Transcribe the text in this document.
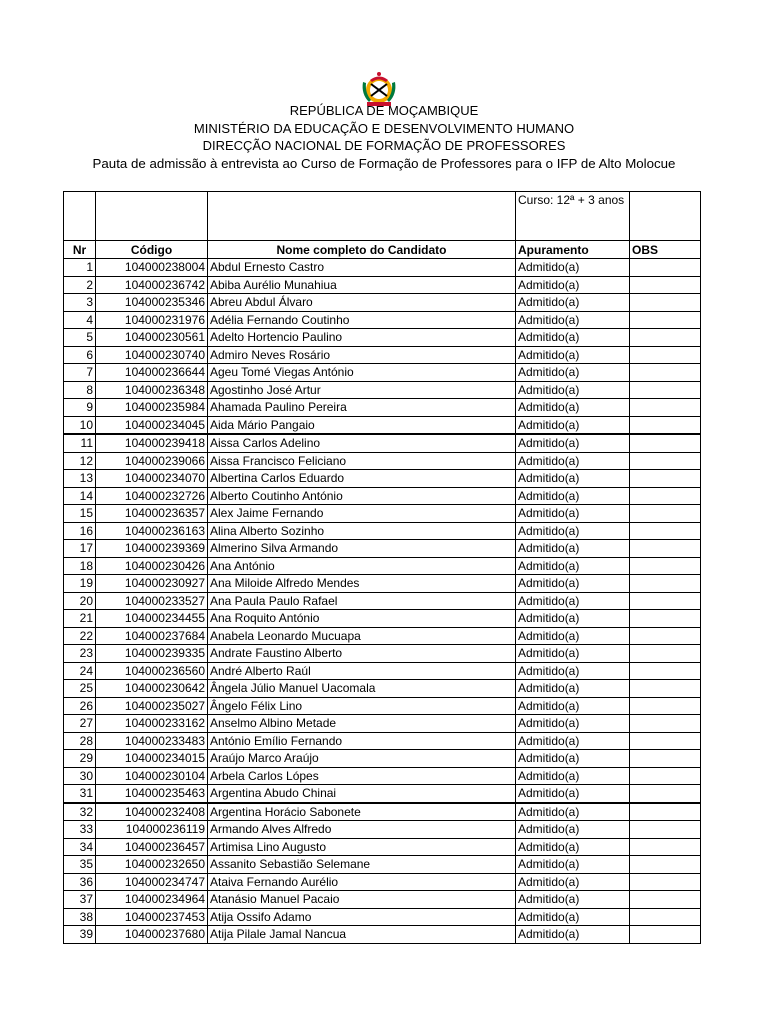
REPÚBLICA DE MOÇAMBIQUE
MINISTÉRIO DA EDUCAÇÃO E DESENVOLVIMENTO HUMANO
DIRECÇÃO NACIONAL DE FORMAÇÃO DE PROFESSORES
Pauta de admissão à entrevista ao Curso de Formação de Professores para o IFP de Alto Molocue
			Curso: 12ª + 3 anos	
Nr	Código	Nome completo do Candidato	Apuramento	OBS
1	104000238004	Abdul Ernesto Castro	Admitido(a)	
2	104000236742	Abiba Aurélio Munahiua	Admitido(a)	
3	104000235346	Abreu Abdul Álvaro	Admitido(a)	
4	104000231976	Adélia Fernando Coutinho	Admitido(a)	
5	104000230561	Adelto Hortencio Paulino	Admitido(a)	
6	104000230740	Admiro Neves Rosário	Admitido(a)	
7	104000236644	Ageu Tomé Viegas António	Admitido(a)	
8	104000236348	Agostinho José Artur	Admitido(a)	
9	104000235984	Ahamada Paulino Pereira	Admitido(a)	
10	104000234045	Aida Mário Pangaio	Admitido(a)	
11	104000239418	Aissa Carlos Adelino	Admitido(a)	
12	104000239066	Aissa Francisco Feliciano	Admitido(a)	
13	104000234070	Albertina Carlos Eduardo	Admitido(a)	
14	104000232726	Alberto Coutinho António	Admitido(a)	
15	104000236357	Alex Jaime Fernando	Admitido(a)	
16	104000236163	Alina Alberto Sozinho	Admitido(a)	
17	104000239369	Almerino Silva Armando	Admitido(a)	
18	104000230426	Ana António	Admitido(a)	
19	104000230927	Ana Miloide Alfredo Mendes	Admitido(a)	
20	104000233527	Ana Paula Paulo Rafael	Admitido(a)	
21	104000234455	Ana Roquito António	Admitido(a)	
22	104000237684	Anabela Leonardo Mucuapa	Admitido(a)	
23	104000239335	Andrate Faustino Alberto	Admitido(a)	
24	104000236560	André Alberto Raúl	Admitido(a)	
25	104000230642	Ângela Júlio Manuel Uacomala	Admitido(a)	
26	104000235027	Ângelo Félix Lino	Admitido(a)	
27	104000233162	Anselmo Albino Metade	Admitido(a)	
28	104000233483	António Emílio Fernando	Admitido(a)	
29	104000234015	Araújo Marco Araújo	Admitido(a)	
30	104000230104	Arbela Carlos Lópes	Admitido(a)	
31	104000235463	Argentina Abudo Chinai	Admitido(a)	
32	104000232408	Argentina Horácio Sabonete	Admitido(a)	
33	104000236119	Armando Alves Alfredo	Admitido(a)	
34	104000236457	Artimisa Lino Augusto	Admitido(a)	
35	104000232650	Assanito Sebastião Selemane	Admitido(a)	
36	104000234747	Ataiva Fernando Aurélio	Admitido(a)	
37	104000234964	Atanásio Manuel Pacaio	Admitido(a)	
38	104000237453	Atija Ossifo Adamo	Admitido(a)	
39	104000237680	Atija Pilale Jamal Nancua	Admitido(a)	
